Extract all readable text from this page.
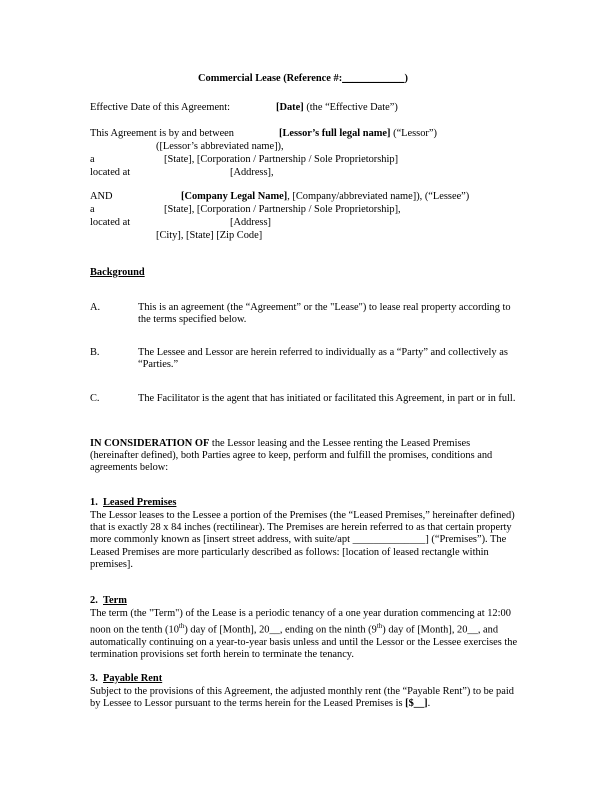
Commercial Lease (Reference #:____________)
Effective Date of this Agreement:	[Date] (the “Effective Date”)
This Agreement is by and between	[Lessor’s full legal name] (“Lessor”)
([Lessor’s abbreviated name]),
a	[State], [Corporation / Partnership / Sole Proprietorship]
located at	[Address],
AND	[Company Legal Name], [Company/abbreviated name]), (“Lessee”)
a	[State], [Corporation / Partnership / Sole Proprietorship],
located at	[Address]
[City], [State] [Zip Code]
Background
A.	This is an agreement (the “Agreement” or the "Lease") to lease real property according to the terms specified below.
B.	The Lessee and Lessor are herein referred to individually as a “Party” and collectively as “Parties.”
C.	The Facilitator is the agent that has initiated or facilitated this Agreement, in part or in full.
IN CONSIDERATION OF the Lessor leasing and the Lessee renting the Leased Premises (hereinafter defined), both Parties agree to keep, perform and fulfill the promises, conditions and agreements below:
1. Leased Premises
The Lessor leases to the Lessee a portion of the Premises (the “Leased Premises,” hereinafter defined) that is exactly 28 x 84 inches (rectilinear). The Premises are herein referred to as that certain property more commonly known as [insert street address, with suite/apt ______________] (“Premises”). The Leased Premises are more particularly described as follows: [location of leased rectangle within premises].
2. Term
The term (the "Term") of the Lease is a periodic tenancy of a one year duration commencing at 12:00 noon on the tenth (10th) day of [Month], 20__, ending on the ninth (9th) day of [Month], 20__, and automatically continuing on a year-to-year basis unless and until the Lessor or the Lessee exercises the termination provisions set forth herein to terminate the tenancy.
3. Payable Rent
Subject to the provisions of this Agreement, the adjusted monthly rent (the “Payable Rent”) to be paid by Lessee to Lessor pursuant to the terms herein for the Leased Premises is [$__].
